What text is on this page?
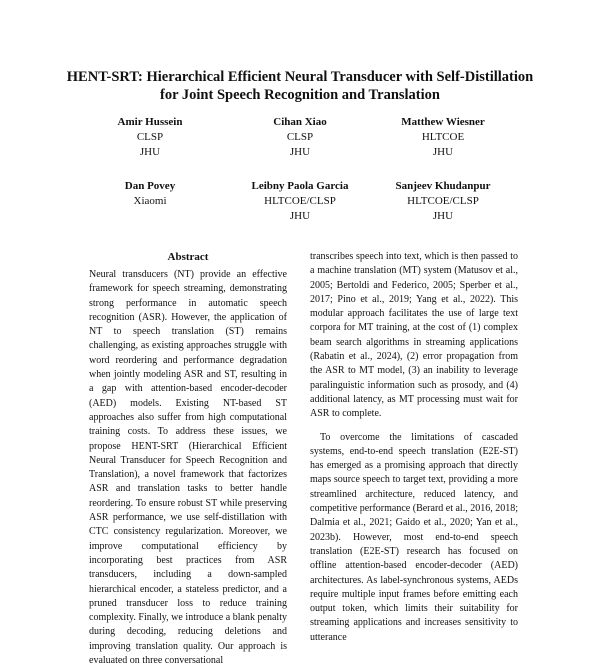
HENT-SRT: Hierarchical Efficient Neural Transducer with Self-Distillation
for Joint Speech Recognition and Translation
Amir Hussein
CLSP
JHU
Cihan Xiao
CLSP
JHU
Matthew Wiesner
HLTCOE
JHU
Dan Povey
Xiaomi
Leibny Paola Garcia
HLTCOE/CLSP
JHU
Sanjeev Khudanpur
HLTCOE/CLSP
JHU
Abstract
Neural transducers (NT) provide an effective framework for speech streaming, demonstrating strong performance in automatic speech recognition (ASR). However, the application of NT to speech translation (ST) remains challenging, as existing approaches struggle with word reordering and performance degradation when jointly modeling ASR and ST, resulting in a gap with attention-based encoder-decoder (AED) models. Existing NT-based ST approaches also suffer from high computational training costs. To address these issues, we propose HENT-SRT (Hierarchical Efficient Neural Transducer for Speech Recognition and Translation), a novel framework that factorizes ASR and translation tasks to better handle reordering. To ensure robust ST while preserving ASR performance, we use self-distillation with CTC consistency regularization. Moreover, we improve computational efficiency by incorporating best practices from ASR transducers, including a down-sampled hierarchical encoder, a stateless predictor, and a pruned transducer loss to reduce training complexity. Finally, we introduce a blank penalty during decoding, reducing deletions and improving translation quality. Our approach is evaluated on three conversational

transcribes speech into text, which is then passed to a machine translation (MT) system (Matusov et al., 2005; Bertoldi and Federico, 2005; Sperber et al., 2017; Pino et al., 2019; Yang et al., 2022). This modular approach facilitates the use of large text corpora for MT training, at the cost of (1) complex beam search algorithms in streaming applications (Rabatin et al., 2024), (2) error propagation from the ASR to MT model, (3) an inability to leverage paralinguistic information such as prosody, and (4) additional latency, as MT processing must wait for ASR to complete.

To overcome the limitations of cascaded systems, end-to-end speech translation (E2E-ST) has emerged as a promising approach that directly maps source speech to target text, providing a more streamlined architecture, reduced latency, and competitive performance (Berard et al., 2016, 2018; Dalmia et al., 2021; Gaido et al., 2020; Yan et al., 2023b). However, most end-to-end speech translation (E2E-ST) research has focused on offline attention-based encoder-decoder (AED) architectures. As label-synchronous systems, AEDs require multiple input frames before emitting each output token, which limits their suitability for streaming applications and increases sensitivity to utterance
